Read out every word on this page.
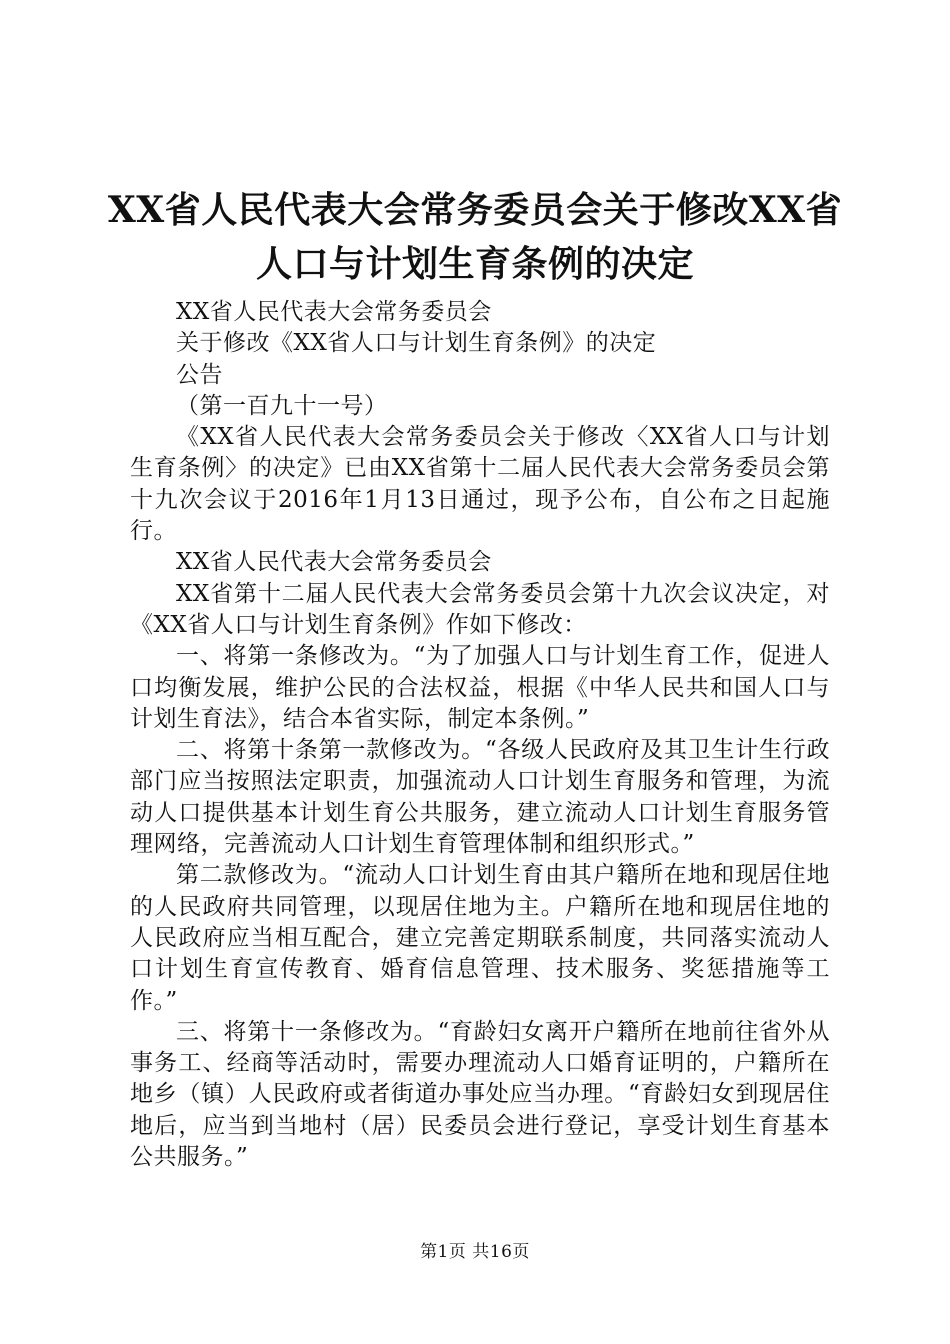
XX省人民代表大会常务委员会关于修改XX省
人口与计划生育条例的决定

XX省人民代表大会常务委员会

关于修改《XX省人口与计划生育条例》的决定

公告

（第一百九十一号）

《XX省人民代表大会常务委员会关于修改〈XX省人口与计划生育条例〉的决定》已由XX省第十二届人民代表大会常务委员会第十九次会议于2016年1月13日通过，现予公布，自公布之日起施行。

XX省人民代表大会常务委员会

XX省第十二届人民代表大会常务委员会第十九次会议决定，对《XX省人口与计划生育条例》作如下修改：

一、将第一条修改为。“为了加强人口与计划生育工作，促进人口均衡发展，维护公民的合法权益，根据《中华人民共和国人口与计划生育法》，结合本省实际，制定本条例。”

二、将第十条第一款修改为。“各级人民政府及其卫生计生行政部门应当按照法定职责，加强流动人口计划生育服务和管理，为流动人口提供基本计划生育公共服务，建立流动人口计划生育服务管理网络，完善流动人口计划生育管理体制和组织形式。”

第二款修改为。“流动人口计划生育由其户籍所在地和现居住地的人民政府共同管理，以现居住地为主。户籍所在地和现居住地的人民政府应当相互配合，建立完善定期联系制度，共同落实流动人口计划生育宣传教育、婚育信息管理、技术服务、奖惩措施等工作。”

三、将第十一条修改为。“育龄妇女离开户籍所在地前往省外从事务工、经商等活动时，需要办理流动人口婚育证明的，户籍所在地乡（镇）人民政府或者街道办事处应当办理。“育龄妇女到现居住地后，应当到当地村（居）民委员会进行登记，享受计划生育基本公共服务。”

第1页 共16页
